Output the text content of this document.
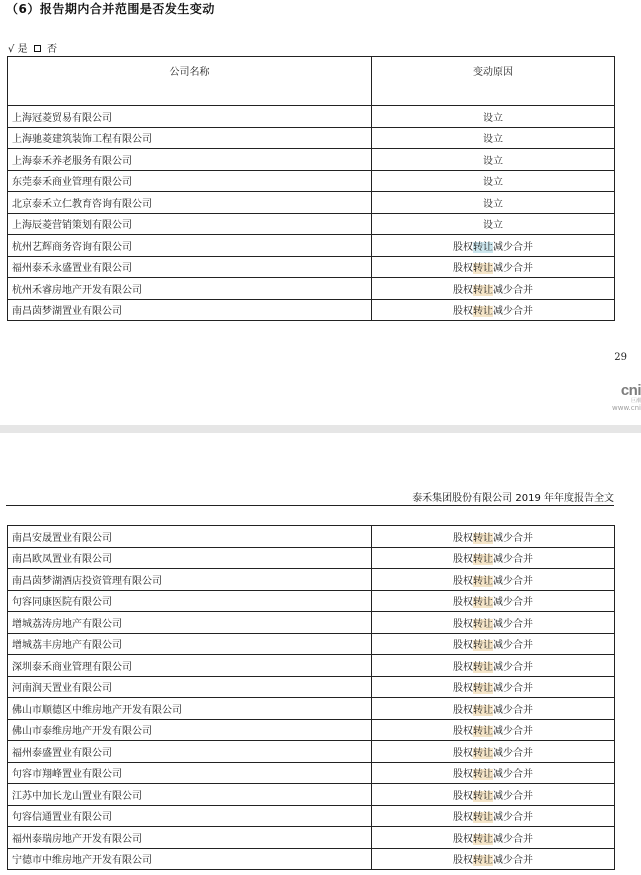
（6）报告期内合并范围是否发生变动
√ 是 否
公司名称	变动原因
上海冠菱贸易有限公司	设立
上海驰菱建筑装饰工程有限公司	设立
上海泰禾养老服务有限公司	设立
东莞泰禾商业管理有限公司	设立
北京泰禾立仁教育咨询有限公司	设立
上海辰菱营销策划有限公司	设立
杭州艺辉商务咨询有限公司	股权转让减少合并
福州泰禾永盛置业有限公司	股权转让减少合并
杭州禾睿房地产开发有限公司	股权转让减少合并
南昌茵梦湖置业有限公司	股权转让减少合并
29
cni
巨潮
www.cni
泰禾集团股份有限公司 2019 年年度报告全文
南昌安晟置业有限公司	股权转让减少合并
南昌欧凤置业有限公司	股权转让减少合并
南昌茵梦湖酒店投资管理有限公司	股权转让减少合并
句容同康医院有限公司	股权转让减少合并
增城荔涛房地产有限公司	股权转让减少合并
增城荔丰房地产有限公司	股权转让减少合并
深圳泰禾商业管理有限公司	股权转让减少合并
河南润天置业有限公司	股权转让减少合并
佛山市顺德区中维房地产开发有限公司	股权转让减少合并
佛山市泰维房地产开发有限公司	股权转让减少合并
福州泰盛置业有限公司	股权转让减少合并
句容市翔峰置业有限公司	股权转让减少合并
江苏中加长龙山置业有限公司	股权转让减少合并
句容信通置业有限公司	股权转让减少合并
福州泰瑞房地产开发有限公司	股权转让减少合并
宁德市中维房地产开发有限公司	股权转让减少合并
